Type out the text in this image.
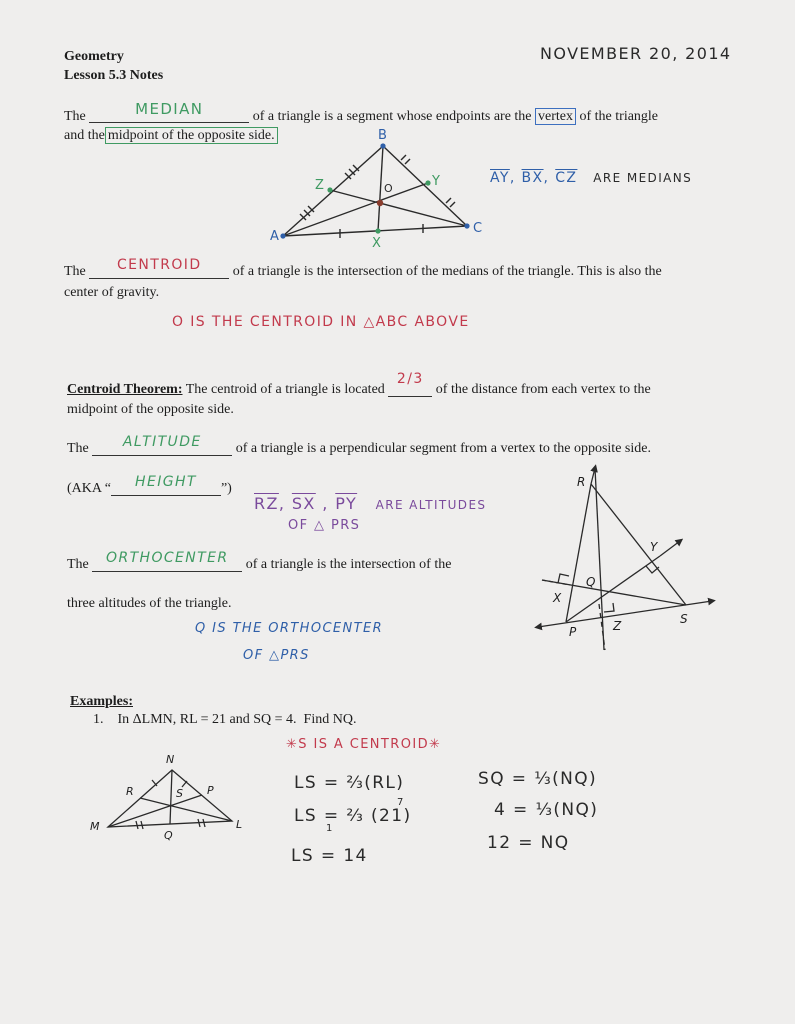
Geometry
Lesson 5.3 Notes
NOVEMBER 20, 2014
The	MEDIAN	of a triangle is a segment whose endpoints are the vertex of the triangle
and the midpoint of the opposite side.
A
B
C
X
Y
Z	O
$\overline{AY}$, $\overline{BX}$, $\overline{CZ}$ ARE MEDIANS
The CENTROID of a triangle is the intersection of the medians of the triangle. This is also the
center of gravity.
O IS THE CENTROID IN △ABC ABOVE
Centroid Theorem: The centroid of a triangle is located 2/3 of the distance from each vertex to the
midpoint of the opposite side.
The ALTITUDE of a triangle is a perpendicular segment from a vertex to the opposite side.
(AKA “ HEIGHT ”)
$\overline{RZ}$, $\overline{SX}$ , $\overline{PY}$ ARE ALTITUDES
OF △ PRS
The ORTHOCENTER of a triangle is the intersection of the
three altitudes of the triangle.
Q IS THE ORTHOCENTER
OF △PRS
R
S
P
Q
X
Y
Z
Examples:
1.    In ΔLMN, RL = 21 and SQ = 4.  Find NQ.
✳S IS A CENTROID✳
N
R	S P
M
Q
L
LS = ⅔(RL)
LS = ⅔ (21)
1
7
LS = 14
SQ = ⅓(NQ)
4 = ⅓(NQ)
12 = NQ
